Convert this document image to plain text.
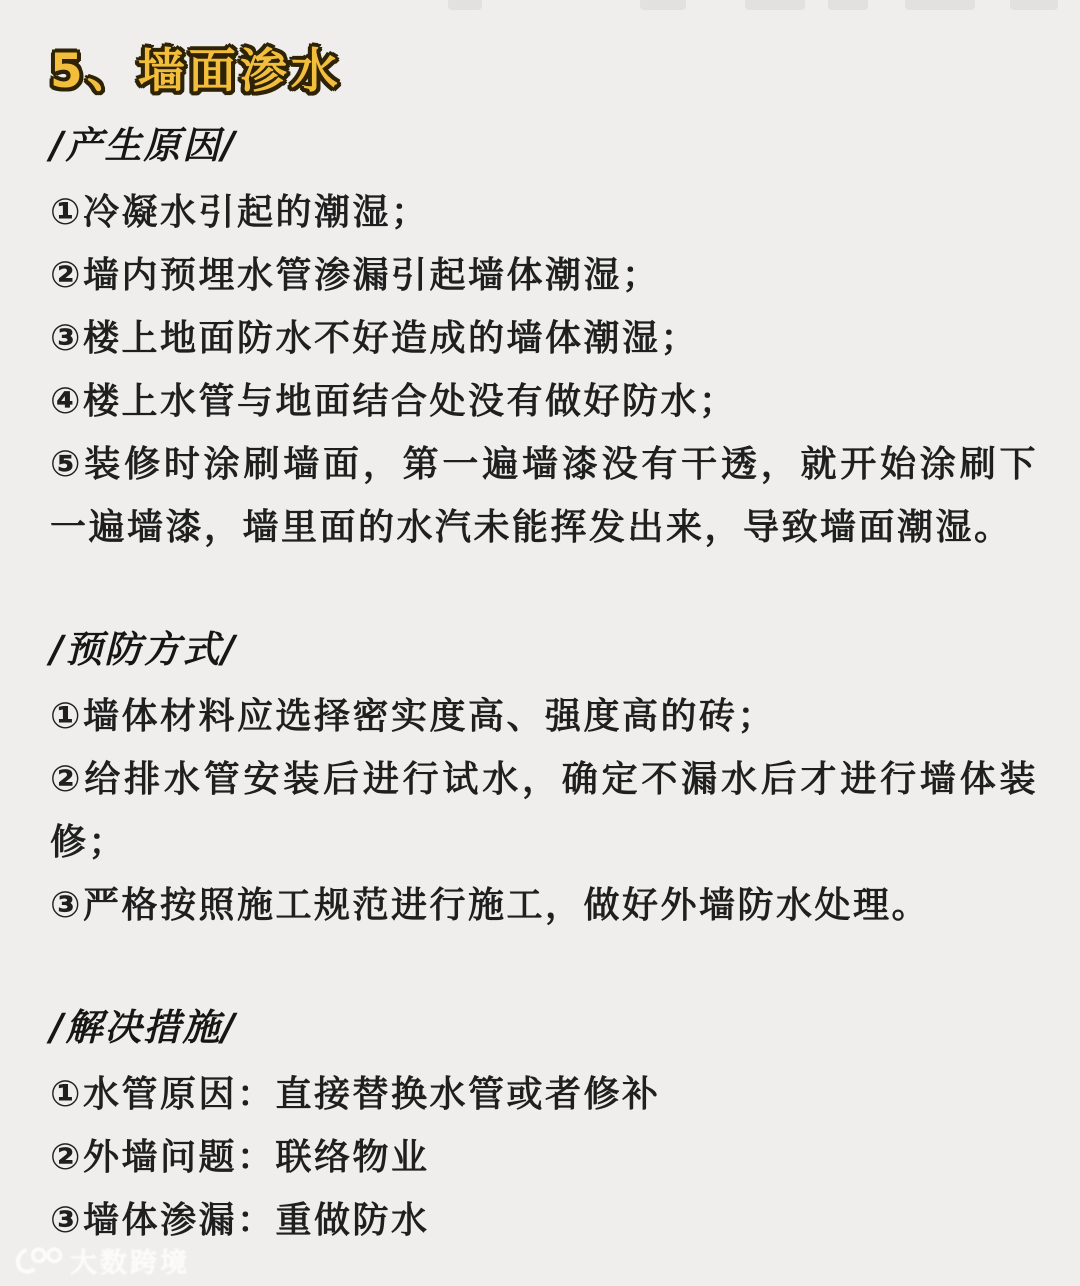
5、墙面渗水
/产生原因/

①冷凝水引起的潮湿；

②墙内预埋水管渗漏引起墙体潮湿；

③楼上地面防水不好造成的墙体潮湿；

④楼上水管与地面结合处没有做好防水；

⑤装修时涂刷墙面，第一遍墙漆没有干透，就开始涂刷下一遍墙漆，墙里面的水汽未能挥发出来，导致墙面潮湿。

/预防方式/

①墙体材料应选择密实度高、强度高的砖；

②给排水管安装后进行试水，确定不漏水后才进行墙体装修；

③严格按照施工规范进行施工，做好外墙防水处理。

/解决措施/

①水管原因：直接替换水管或者修补

②外墙问题：联络物业

③墙体渗漏：重做防水

大数跨境
